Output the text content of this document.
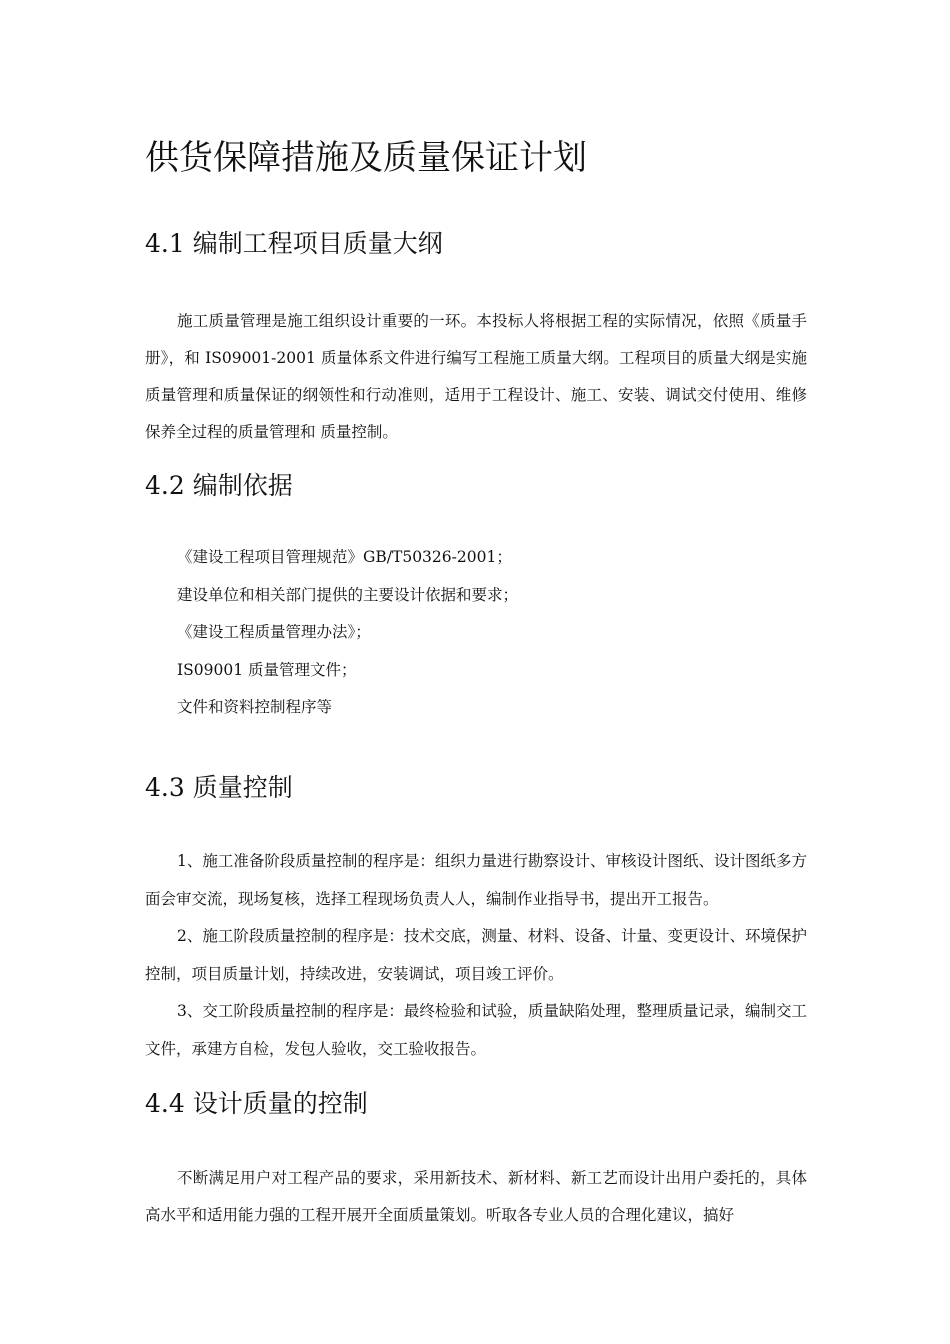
供货保障措施及质量保证计划
4.1 编制工程项目质量大纲

施工质量管理是施工组织设计重要的一环。本投标人将根据工程的实际情况，依照《质量手册》，和 IS09001-2001 质量体系文件进行编写工程施工质量大纲。工程项目的质量大纲是实施质量管理和质量保证的纲领性和行动准则，适用于工程设计、施工、安装、调试交付使用、维修保养全过程的质量管理和 质量控制。

4.2 编制依据
《建设工程项目管理规范》GB/T50326-2001；
建设单位和相关部门提供的主要设计依据和要求；
《建设工程质量管理办法》；
IS09001 质量管理文件；
文件和资料控制程序等
4.3 质量控制

1、施工准备阶段质量控制的程序是：组织力量进行勘察设计、审核设计图纸、设计图纸多方面会审交流，现场复核，选择工程现场负责人人，编制作业指导书，提出开工报告。

2、施工阶段质量控制的程序是：技术交底，测量、材料、设备、计量、变更设计、环境保护控制，项目质量计划，持续改进，安装调试，项目竣工评价。

3、交工阶段质量控制的程序是：最终检验和试验，质量缺陷处理，整理质量记录，编制交工文件，承建方自检，发包人验收，交工验收报告。

4.4 设计质量的控制

不断满足用户对工程产品的要求，采用新技术、新材料、新工艺而设计出用户委托的，具体高水平和适用能力强的工程开展开全面质量策划。听取各专业人员的合理化建议，搞好
